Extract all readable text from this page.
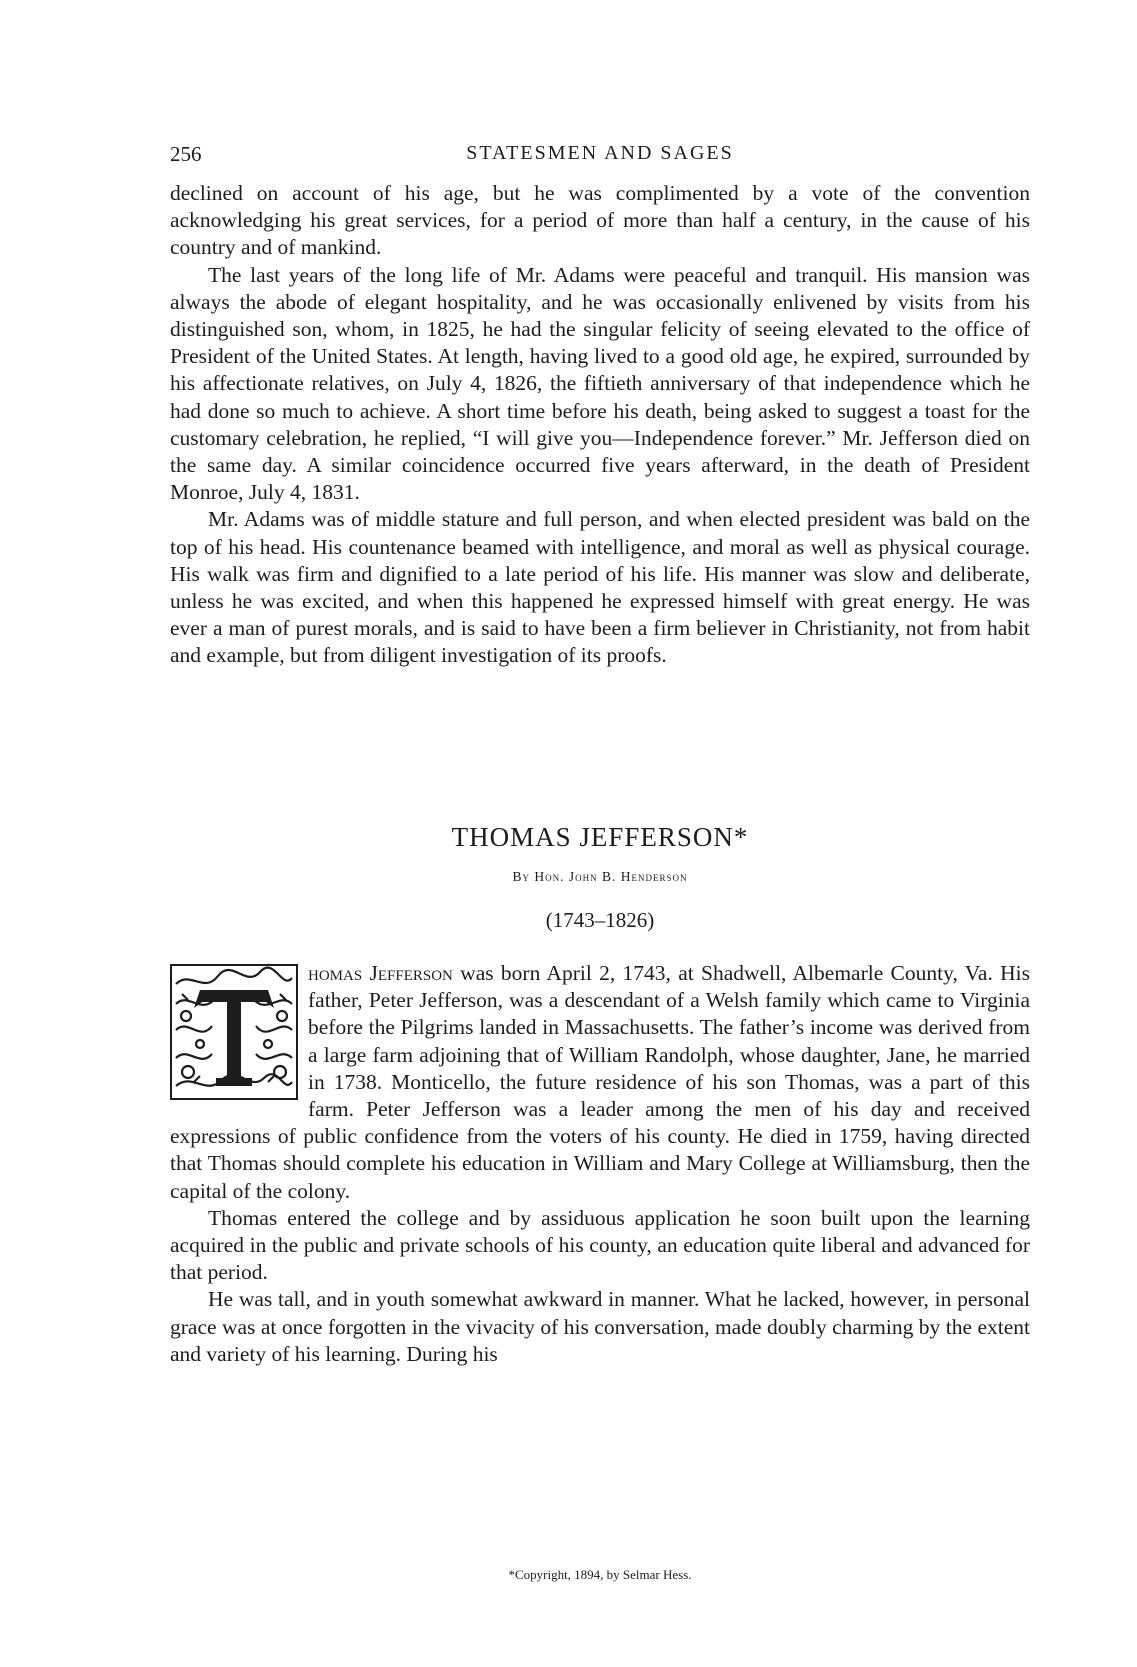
256	STATESMEN AND SAGES

declined on account of his age, but he was complimented by a vote of the convention acknowledging his great services, for a period of more than half a century, in the cause of his country and of mankind.

The last years of the long life of Mr. Adams were peaceful and tranquil. His mansion was always the abode of elegant hospitality, and he was occasionally enlivened by visits from his distinguished son, whom, in 1825, he had the singular felicity of seeing elevated to the office of President of the United States. At length, having lived to a good old age, he expired, surrounded by his affectionate relatives, on July 4, 1826, the fiftieth anniversary of that independence which he had done so much to achieve. A short time before his death, being asked to suggest a toast for the customary celebration, he replied, “I will give you—Independence forever.” Mr. Jefferson died on the same day. A similar coincidence occurred five years afterward, in the death of President Monroe, July 4, 1831.

Mr. Adams was of middle stature and full person, and when elected president was bald on the top of his head. His countenance beamed with intelligence, and moral as well as physical courage. His walk was firm and dignified to a late period of his life. His manner was slow and deliberate, unless he was excited, and when this happened he expressed himself with great energy. He was ever a man of purest morals, and is said to have been a firm believer in Christianity, not from habit and example, but from diligent investigation of its proofs.

THOMAS JEFFERSON*
By Hon. John B. Henderson
(1743–1826)

homas Jefferson was born April 2, 1743, at Shadwell, Albemarle County, Va. His father, Peter Jefferson, was a descendant of a Welsh family which came to Virginia before the Pilgrims landed in Massachusetts. The father’s income was derived from a large farm adjoining that of William Randolph, whose daughter, Jane, he married in 1738. Monticello, the future residence of his son Thomas, was a part of this farm. Peter Jefferson was a leader among the men of his day and received expressions of public confidence from the voters of his county. He died in 1759, having directed that Thomas should complete his education in William and Mary College at Williamsburg, then the capital of the colony.

Thomas entered the college and by assiduous application he soon built upon the learning acquired in the public and private schools of his county, an education quite liberal and advanced for that period.

He was tall, and in youth somewhat awkward in manner. What he lacked, however, in personal grace was at once forgotten in the vivacity of his conversation, made doubly charming by the extent and variety of his learning. During his

*Copyright, 1894, by Selmar Hess.
